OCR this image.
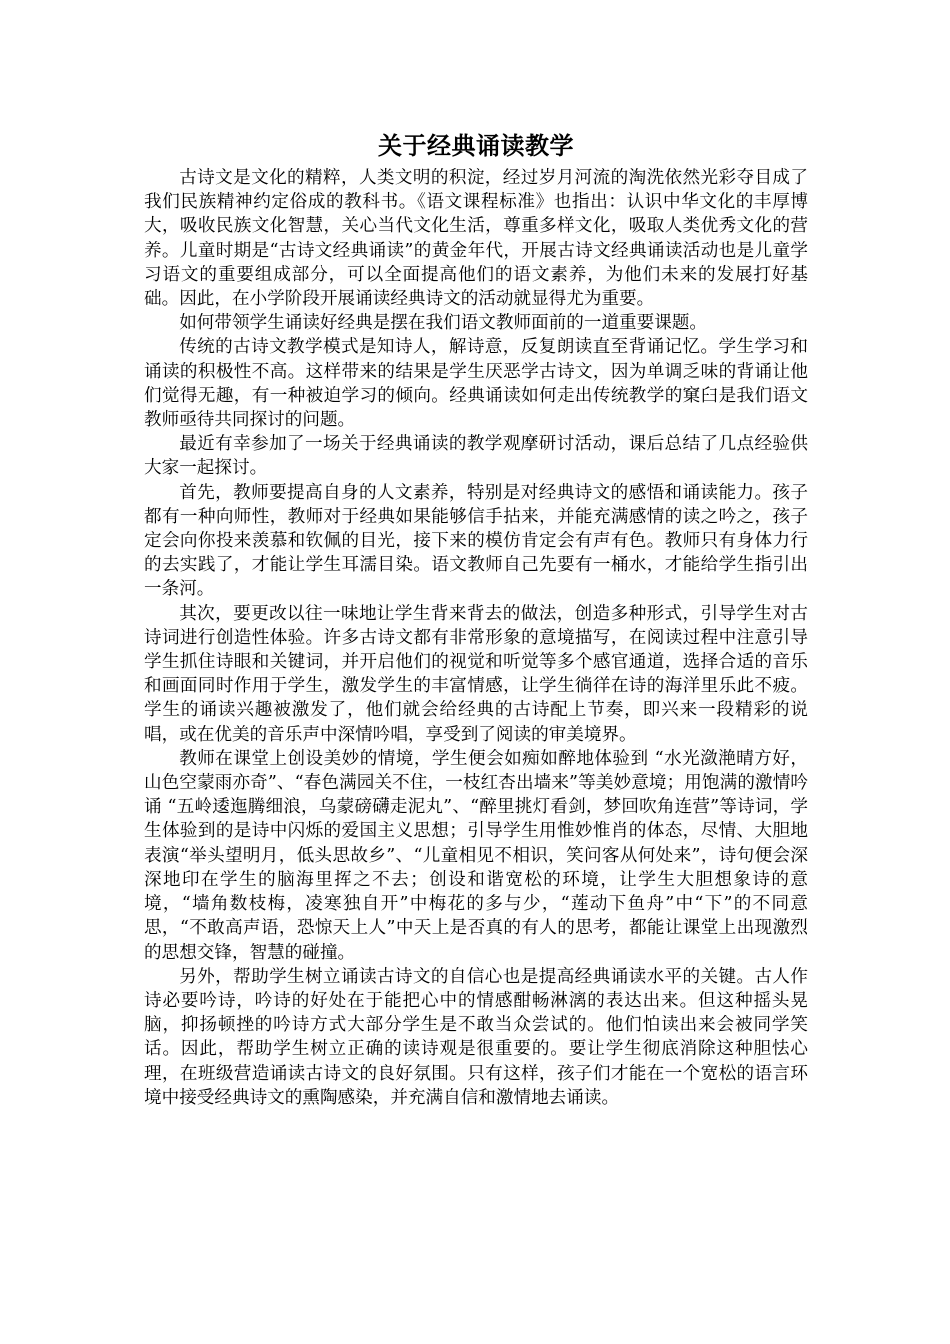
关于经典诵读教学

古诗文是文化的精粹，人类文明的积淀，经过岁月河流的淘洗依然光彩夺目成了我们民族精神约定俗成的教科书。《语文课程标准》也指出：认识中华文化的丰厚博大，吸收民族文化智慧，关心当代文化生活，尊重多样文化，吸取人类优秀文化的营养。儿童时期是“古诗文经典诵读”的黄金年代，开展古诗文经典诵读活动也是儿童学习语文的重要组成部分，可以全面提高他们的语文素养，为他们未来的发展打好基础。因此，在小学阶段开展诵读经典诗文的活动就显得尤为重要。

如何带领学生诵读好经典是摆在我们语文教师面前的一道重要课题。

传统的古诗文教学模式是知诗人，解诗意，反复朗读直至背诵记忆。学生学习和诵读的积极性不高。这样带来的结果是学生厌恶学古诗文，因为单调乏味的背诵让他们觉得无趣，有一种被迫学习的倾向。经典诵读如何走出传统教学的窠臼是我们语文教师亟待共同探讨的问题。

最近有幸参加了一场关于经典诵读的教学观摩研讨活动，课后总结了几点经验供大家一起探讨。

首先，教师要提高自身的人文素养，特别是对经典诗文的感悟和诵读能力。孩子都有一种向师性，教师对于经典如果能够信手拈来，并能充满感情的读之吟之，孩子定会向你投来羡慕和钦佩的目光，接下来的模仿肯定会有声有色。教师只有身体力行的去实践了，才能让学生耳濡目染。语文教师自己先要有一桶水，才能给学生指引出一条河。

其次，要更改以往一味地让学生背来背去的做法，创造多种形式，引导学生对古诗词进行创造性体验。许多古诗文都有非常形象的意境描写，在阅读过程中注意引导学生抓住诗眼和关键词，并开启他们的视觉和听觉等多个感官通道，选择合适的音乐和画面同时作用于学生，激发学生的丰富情感，让学生徜徉在诗的海洋里乐此不疲。学生的诵读兴趣被激发了，他们就会给经典的古诗配上节奏，即兴来一段精彩的说唱，或在优美的音乐声中深情吟唱，享受到了阅读的审美境界。

教师在课堂上创设美妙的情境，学生便会如痴如醉地体验到 “水光潋滟晴方好，山色空蒙雨亦奇”、“春色满园关不住，一枝红杏出墙来”等美妙意境；用饱满的激情吟诵 “五岭逶迤腾细浪，乌蒙磅礴走泥丸”、“醉里挑灯看剑，梦回吹角连营”等诗词，学生体验到的是诗中闪烁的爱国主义思想；引导学生用惟妙惟肖的体态，尽情、大胆地表演“举头望明月，低头思故乡”、“儿童相见不相识，笑问客从何处来”，诗句便会深深地印在学生的脑海里挥之不去；创设和谐宽松的环境，让学生大胆想象诗的意境，“墙角数枝梅，凌寒独自开”中梅花的多与少，“莲动下鱼舟”中“下”的不同意思，“不敢高声语，恐惊天上人”中天上是否真的有人的思考，都能让课堂上出现激烈的思想交锋，智慧的碰撞。

另外，帮助学生树立诵读古诗文的自信心也是提高经典诵读水平的关键。古人作诗必要吟诗，吟诗的好处在于能把心中的情感酣畅淋漓的表达出来。但这种摇头晃脑，抑扬顿挫的吟诗方式大部分学生是不敢当众尝试的。他们怕读出来会被同学笑话。因此，帮助学生树立正确的读诗观是很重要的。要让学生彻底消除这种胆怯心理，在班级营造诵读古诗文的良好氛围。只有这样，孩子们才能在一个宽松的语言环境中接受经典诗文的熏陶感染，并充满自信和激情地去诵读。
